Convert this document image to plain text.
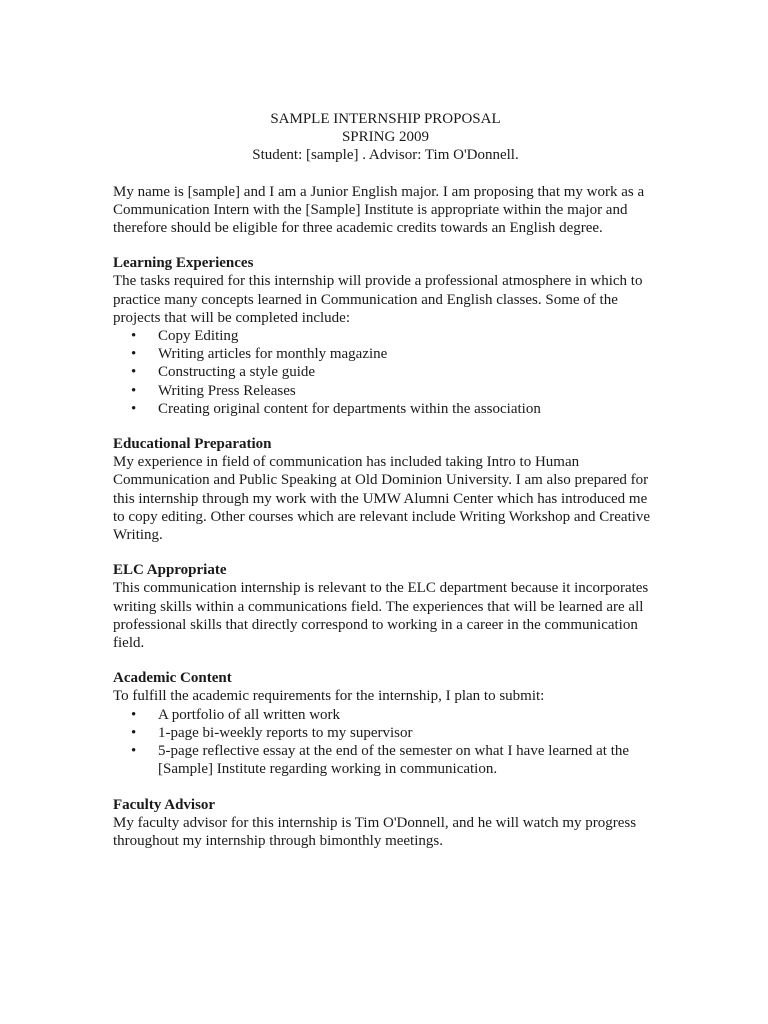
SAMPLE INTERNSHIP PROPOSAL
SPRING 2009
Student: [sample] . Advisor: Tim O'Donnell.

My name is [sample] and I am a Junior English major. I am proposing that my work as a Communication Intern with the [Sample] Institute is appropriate within the major and therefore should be eligible for three academic credits towards an English degree.

Learning Experiences

The tasks required for this internship will provide a professional atmosphere in which to practice many concepts learned in Communication and English classes. Some of the projects that will be completed include:

• Copy Editing
• Writing articles for monthly magazine
• Constructing a style guide
• Writing Press Releases
• Creating original content for departments within the association

Educational Preparation

My experience in field of communication has included taking Intro to Human Communication and Public Speaking at Old Dominion University. I am also prepared for this internship through my work with the UMW Alumni Center which has introduced me to copy editing. Other courses which are relevant include Writing Workshop and Creative Writing.

ELC Appropriate

This communication internship is relevant to the ELC department because it incorporates writing skills within a communications field. The experiences that will be learned are all professional skills that directly correspond to working in a career in the communication field.

Academic Content

To fulfill the academic requirements for the internship, I plan to submit:

• A portfolio of all written work
• 1-page bi-weekly reports to my supervisor
• 5-page reflective essay at the end of the semester on what I have learned at the [Sample] Institute regarding working in communication.

Faculty Advisor

My faculty advisor for this internship is Tim O'Donnell, and he will watch my progress throughout my internship through bimonthly meetings.
